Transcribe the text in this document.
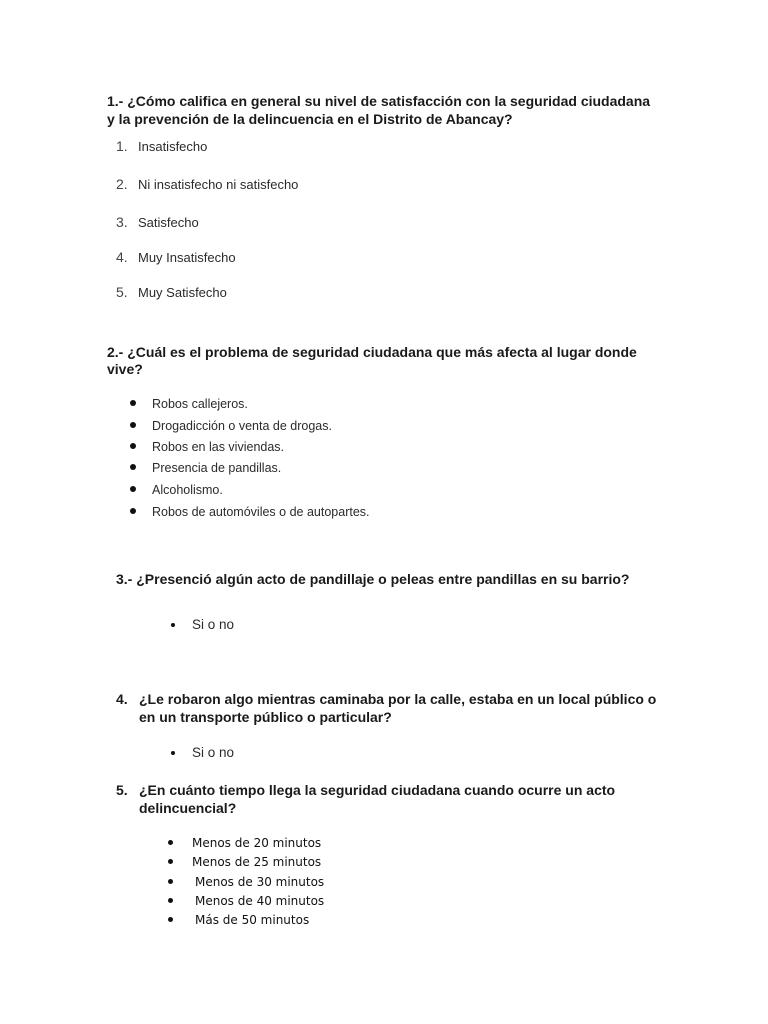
1.- ¿Cómo califica en general su nivel de satisfacción con la seguridad ciudadana
y la prevención de la delincuencia en el Distrito de Abancay?
1. Insatisfecho
2. Ni insatisfecho ni satisfecho
3. Satisfecho
4. Muy Insatisfecho
5. Muy Satisfecho
2.- ¿Cuál es el problema de seguridad ciudadana que más afecta al lugar donde
vive?
Robos callejeros.
Drogadicción o venta de drogas.
Robos en las viviendas.
Presencia de pandillas.
Alcoholismo.
Robos de automóviles o de autopartes.
3.- ¿Presenció algún acto de pandillaje o peleas entre pandillas en su barrio?
Si o no
4. ¿Le robaron algo mientras caminaba por la calle, estaba en un local público o
en un transporte público o particular?
Si o no
5. ¿En cuánto tiempo llega la seguridad ciudadana cuando ocurre un acto
delincuencial?
Menos de 20 minutos
Menos de 25 minutos
Menos de 30 minutos
Menos de 40 minutos
Más de 50 minutos
